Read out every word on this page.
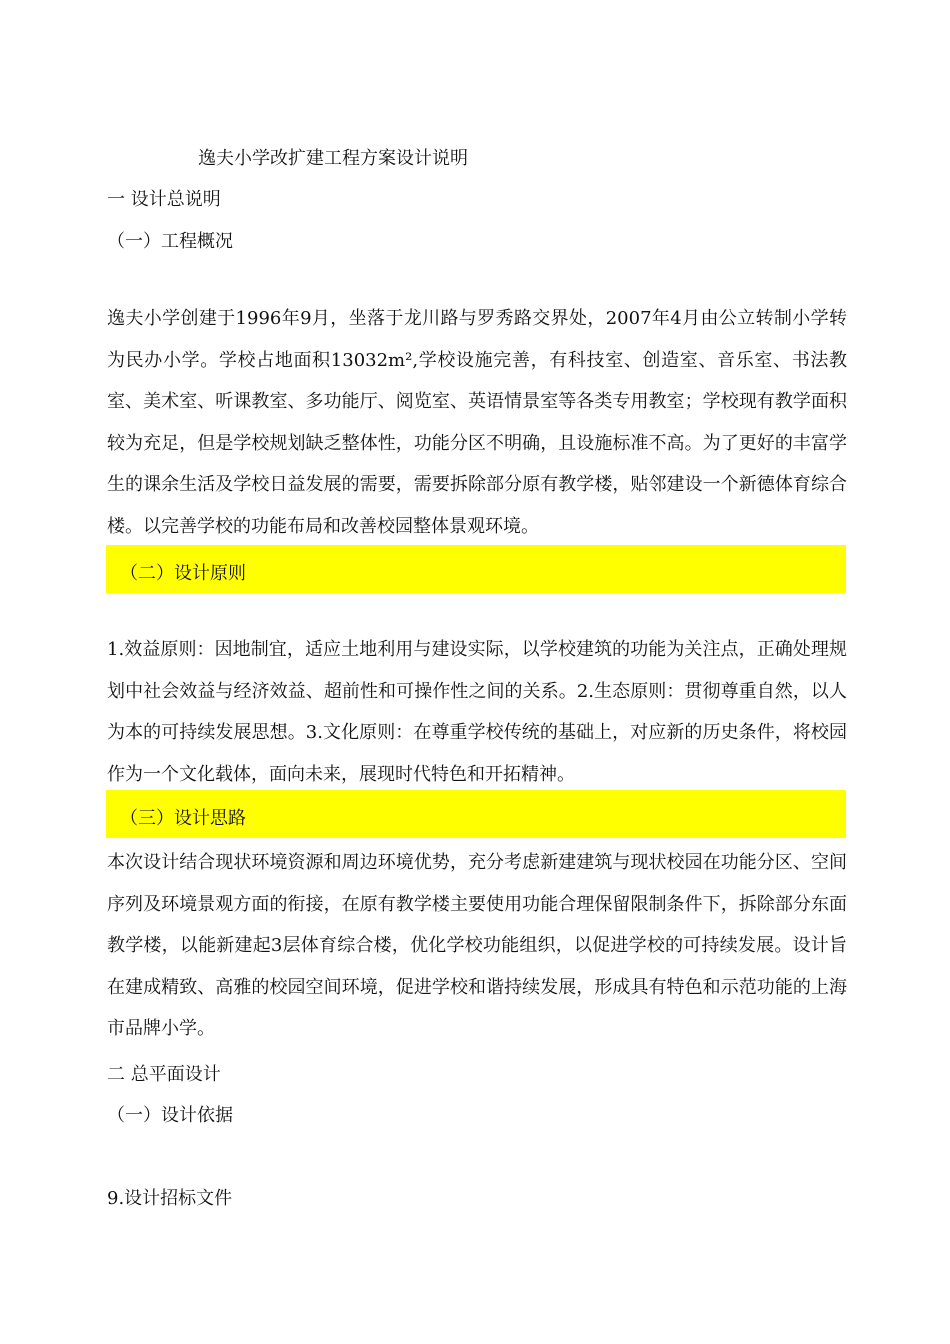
逸夫小学改扩建工程方案设计说明
一 设计总说明
（一）工程概况
逸夫小学创建于1996年9月，坐落于龙川路与罗秀路交界处，2007年4月由公立转制小学转为民办小学。学校占地面积13032m²,学校设施完善，有科技室、创造室、音乐室、书法教室、美术室、听课教室、多功能厅、阅览室、英语情景室等各类专用教室；学校现有教学面积较为充足，但是学校规划缺乏整体性，功能分区不明确，且设施标准不高。为了更好的丰富学生的课余生活及学校日益发展的需要，需要拆除部分原有教学楼，贴邻建设一个新德体育综合楼。以完善学校的功能布局和改善校园整体景观环境。
（二）设计原则
1.效益原则：因地制宜，适应土地利用与建设实际，以学校建筑的功能为关注点，正确处理规划中社会效益与经济效益、超前性和可操作性之间的关系。2.生态原则：贯彻尊重自然，以人为本的可持续发展思想。3.文化原则：在尊重学校传统的基础上，对应新的历史条件，将校园作为一个文化载体，面向未来，展现时代特色和开拓精神。
（三）设计思路
本次设计结合现状环境资源和周边环境优势，充分考虑新建建筑与现状校园在功能分区、空间序列及环境景观方面的衔接，在原有教学楼主要使用功能合理保留限制条件下，拆除部分东面教学楼，以能新建起3层体育综合楼，优化学校功能组织，以促进学校的可持续发展。设计旨在建成精致、高雅的校园空间环境，促进学校和谐持续发展，形成具有特色和示范功能的上海市品牌小学。
二 总平面设计
（一）设计依据
9.设计招标文件
